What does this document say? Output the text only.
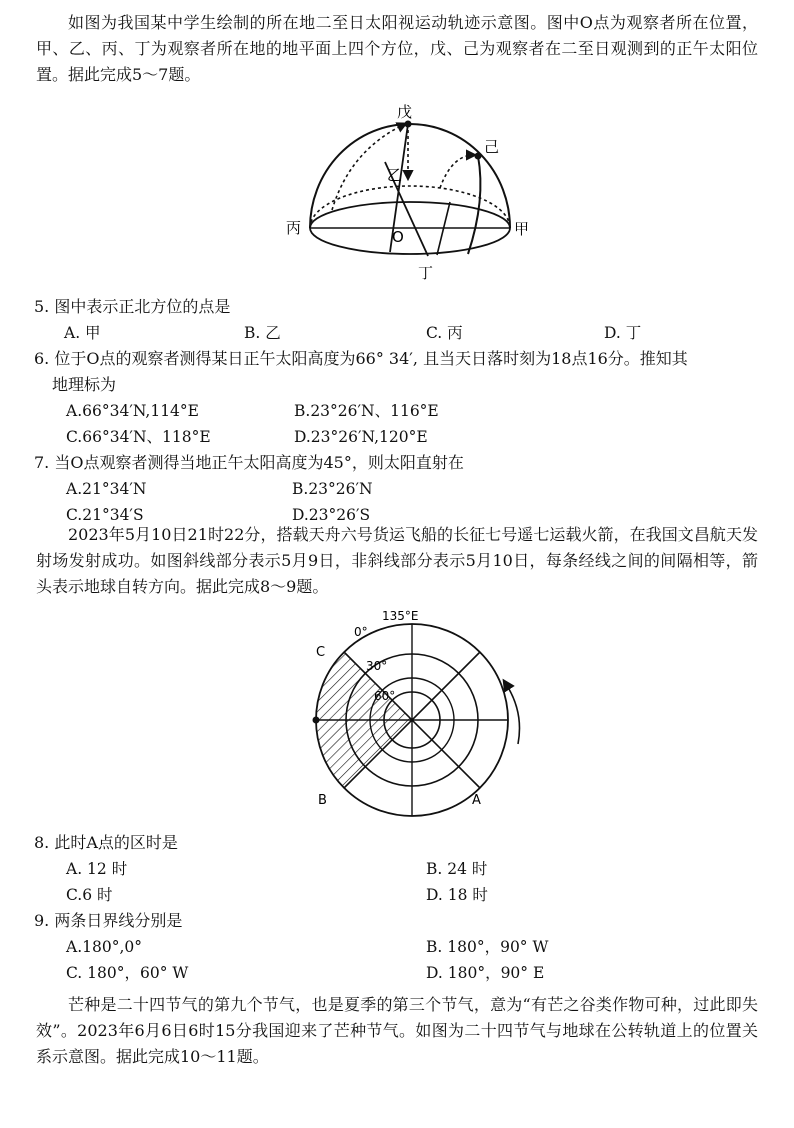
如图为我国某中学生绘制的所在地二至日太阳视运动轨迹示意图。图中O点为观察者所在位置，甲、乙、丙、丁为观察者所在地的地平面上四个方位，戊、己为观察者在二至日观测到的正午太阳位置。据此完成5～7题。
戊
己
乙
丙	甲
O
丁
5. 图中表示正北方位的点是
A. 甲	B. 乙	C. 丙	D. 丁
6. 位于O点的观察者测得某日正午太阳高度为66° 34′, 且当天日落时刻为18点16分。推知其
地理标为
A.66°34′N,114°E	B.23°26′N、116°E
C.66°34′N、118°E	D.23°26′N,120°E
7. 当O点观察者测得当地正午太阳高度为45°，则太阳直射在
A.21°34′N	B.23°26′N
C.21°34′S	D.23°26′S
2023年5月10日21时22分，搭载天舟六号货运飞船的长征七号遥七运载火箭，在我国文昌航天发射场发射成功。如图斜线部分表示5月9日，非斜线部分表示5月10日，每条经线之间的间隔相等，箭头表示地球自转方向。据此完成8～9题。
135°E
0°
30°
60°
C
B	A
8. 此时A点的区时是
A. 12 时	B. 24 时
C.6 时	D. 18 时
9. 两条日界线分别是
A.180°,0°	B. 180°，90° W
C. 180°，60° W	D. 180°，90° E
芒种是二十四节气的第九个节气，也是夏季的第三个节气，意为“有芒之谷类作物可种，过此即失效”。2023年6月6日6时15分我国迎来了芒种节气。如图为二十四节气与地球在公转轨道上的位置关系示意图。据此完成10～11题。
